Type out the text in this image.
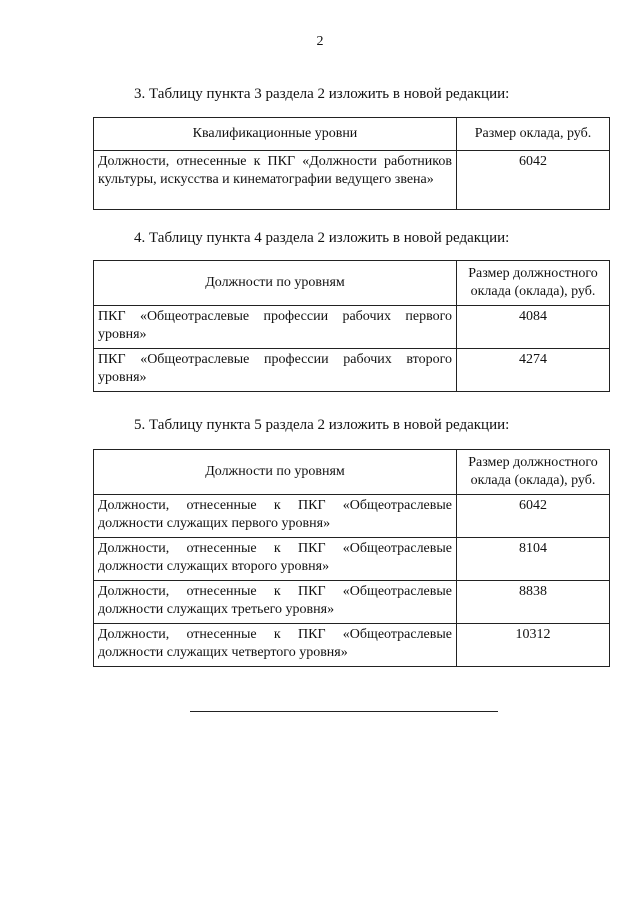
2
3. Таблицу пункта 3 раздела 2 изложить в новой редакции:
Квалификационные уровни	Размер оклада, руб.
Должности, отнесенные к ПКГ «Должности работников культуры, искусства и кинематографии ведущего звена»	6042
4. Таблицу пункта 4 раздела 2 изложить в новой редакции:
Должности по уровням	Размер должностного оклада (оклада), руб.
ПКГ «Общеотраслевые профессии рабочих первого уровня»	4084
ПКГ «Общеотраслевые профессии рабочих второго уровня»	4274
5. Таблицу пункта 5 раздела 2 изложить в новой редакции:
Должности по уровням	Размер должностного оклада (оклада), руб.
Должности, отнесенные к ПКГ «Общеотраслевые должности служащих первого уровня»	6042
Должности, отнесенные к ПКГ «Общеотраслевые должности служащих второго уровня»	8104
Должности, отнесенные к ПКГ «Общеотраслевые должности служащих третьего уровня»	8838
Должности, отнесенные к ПКГ «Общеотраслевые должности служащих четвертого уровня»	10312
